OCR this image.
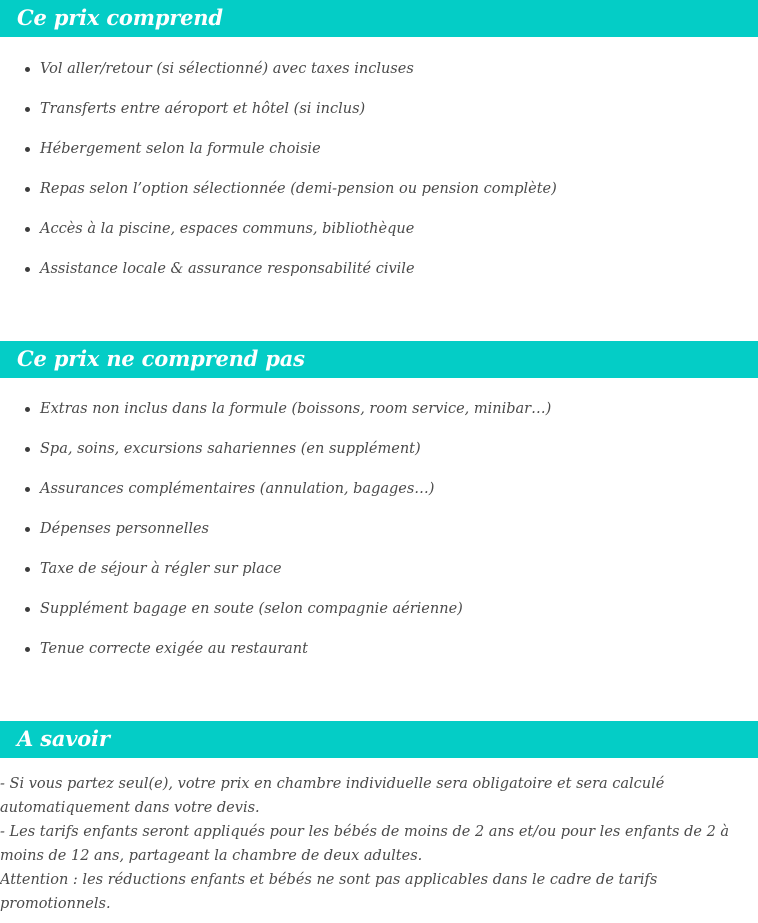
Ce prix comprend
Vol aller/retour (si sélectionné) avec taxes incluses
Transferts entre aéroport et hôtel (si inclus)
Hébergement selon la formule choisie
Repas selon l’option sélectionnée (demi-pension ou pension complète)
Accès à la piscine, espaces communs, bibliothèque
Assistance locale & assurance responsabilité civile
Ce prix ne comprend pas
Extras non inclus dans la formule (boissons, room service, minibar…)
Spa, soins, excursions sahariennes (en supplément)
Assurances complémentaires (annulation, bagages…)
Dépenses personnelles
Taxe de séjour à régler sur place
Supplément bagage en soute (selon compagnie aérienne)
Tenue correcte exigée au restaurant
A savoir

- Si vous partez seul(e), votre prix en chambre individuelle sera obligatoire et sera calculé automatiquement dans votre devis.

- Les tarifs enfants seront appliqués pour les bébés de moins de 2 ans et/ou pour les enfants de 2 à moins de 12 ans, partageant la chambre de deux adultes.

Attention : les réductions enfants et bébés ne sont pas applicables dans le cadre de tarifs promotionnels.
